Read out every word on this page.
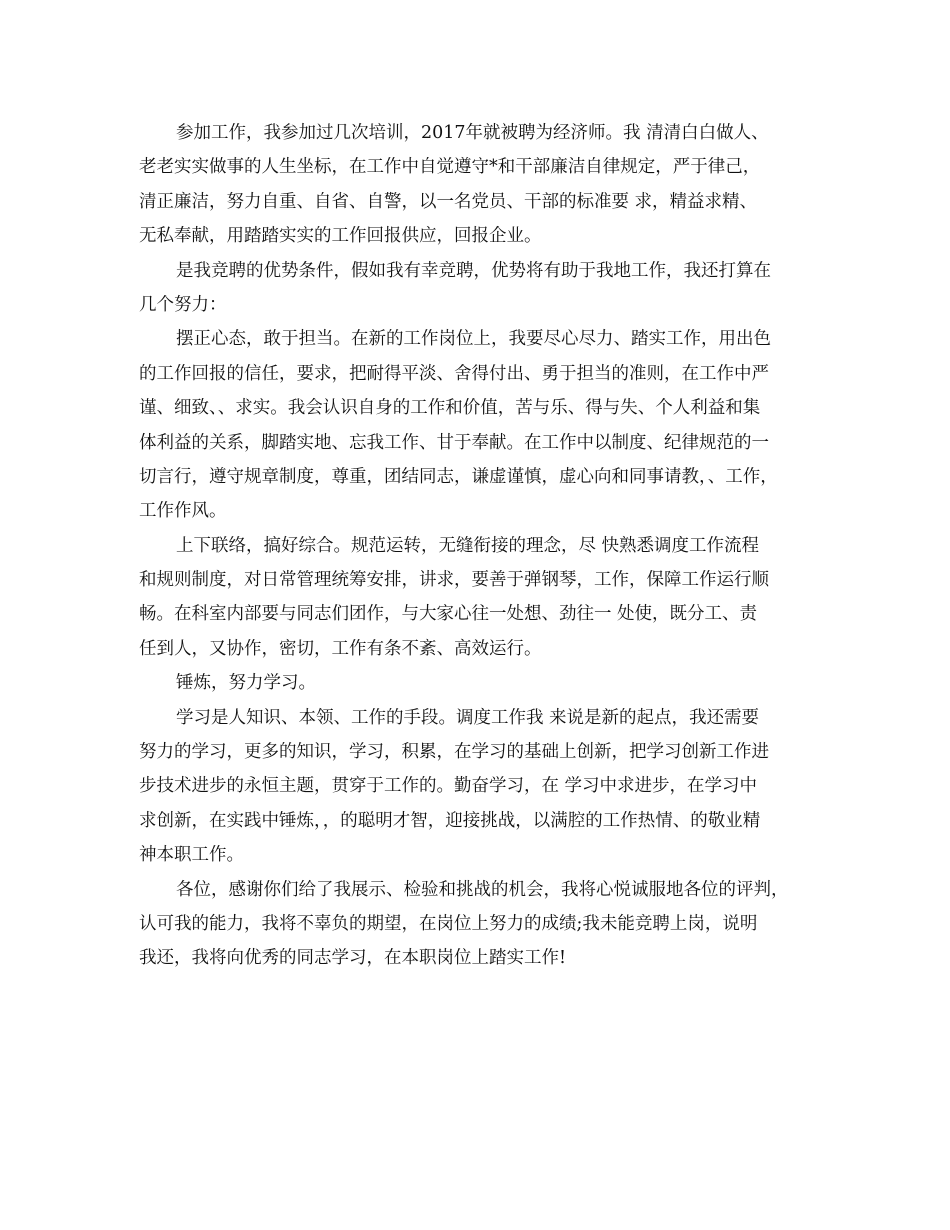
参加工作，我参加过几次培训，2017年就被聘为经济师。我 清清白白做人、
老老实实做事的人生坐标，在工作中自觉遵守*和干部廉洁自律规定，严于律己，
清正廉洁，努力自重、自省、自警，以一名党员、干部的标准要 求，精益求精、
无私奉献，用踏踏实实的工作回报供应，回报企业。
是我竞聘的优势条件，假如我有幸竞聘，优势将有助于我地工作，我还打算在
几个努力：
摆正心态，敢于担当。在新的工作岗位上，我要尽心尽力、踏实工作，用出色
的工作回报的信任，要求，把耐得平淡、舍得付出、勇于担当的准则，在工作中严
谨、细致、、求实。我会认识自身的工作和价值，苦与乐、得与失、个人利益和集
体利益的关系，脚踏实地、忘我工作、甘于奉献。在工作中以制度、纪律规范的一
切言行，遵守规章制度，尊重，团结同志，谦虚谨慎，虚心向和同事请教，、工作，
工作作风。
上下联络，搞好综合。规范运转，无缝衔接的理念，尽 快熟悉调度工作流程
和规则制度，对日常管理统筹安排，讲求，要善于弹钢琴，工作，保障工作运行顺
畅。在科室内部要与同志们团作，与大家心往一处想、劲往一 处使，既分工、责
任到人，又协作，密切，工作有条不紊、高效运行。
锤炼，努力学习。
学习是人知识、本领、工作的手段。调度工作我 来说是新的起点，我还需要
努力的学习，更多的知识，学习，积累，在学习的基础上创新，把学习创新工作进
步技术进步的永恒主题，贯穿于工作的。勤奋学习，在 学习中求进步，在学习中
求创新，在实践中锤炼，，的聪明才智，迎接挑战，以满腔的工作热情、的敬业精
神本职工作。
各位，感谢你们给了我展示、检验和挑战的机会，我将心悦诚服地各位的评判，
认可我的能力，我将不辜负的期望，在岗位上努力的成绩;我未能竞聘上岗，说明
我还，我将向优秀的同志学习，在本职岗位上踏实工作!
